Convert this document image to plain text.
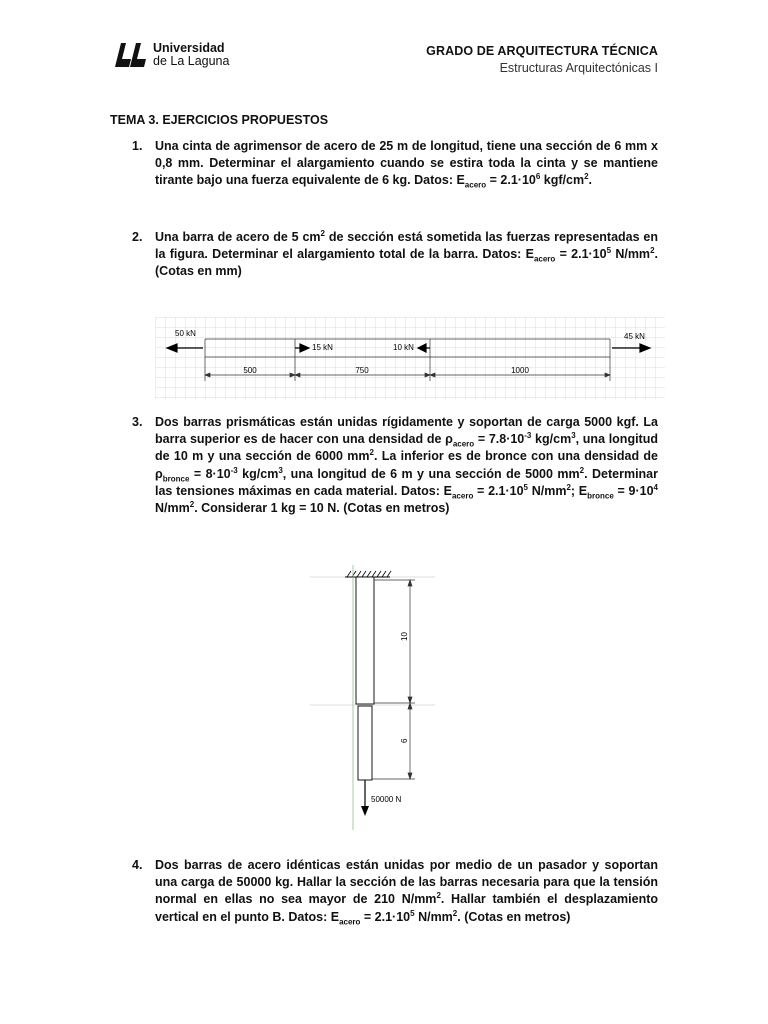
Universidad
de La Laguna
GRADO DE ARQUITECTURA TÉCNICA
Estructuras Arquitectónicas I
TEMA 3. EJERCICIOS PROPUESTOS
1. Una cinta de agrimensor de acero de 25 m de longitud, tiene una sección de 6 mm x 0,8 mm. Determinar el alargamiento cuando se estira toda la cinta y se mantiene tirante bajo una fuerza equivalente de 6 kg. Datos: $E_{acero} = 2.1\cdot 10^6$ kgf/$cm^2$.
2. Una barra de acero de 5 $cm^2$ de sección está sometida las fuerzas representadas en la figura. Determinar el alargamiento total de la barra. Datos: $E_{acero} = 2.1\cdot 10^5$ $N/mm^2$. (Cotas en mm)
50 kN
15 kN	10 kN
45 kN
500	750	1000
3. Dos barras prismáticas están unidas rígidamente y soportan de carga 5000 kgf. La barra superior es de hacer con una densidad de $\rho_{acero} = 7.8\cdot 10^{-3}$ $kg/cm^3$, una longitud de 10 m y una sección de 6000 $mm^2$. La inferior es de bronce con una densidad de $\rho_{bronce} = 8\cdot 10^{-3}$ $kg/cm^3$, una longitud de 6 m y una sección de 5000 $mm^2$. Determinar las tensiones máximas en cada material. Datos: $E_{acero} = 2.1\cdot 10^5$ $N/mm^2$; $E_{bronce} = 9\cdot 10^4$ $N/mm^2$. Considerar 1 kg = 10 N. (Cotas en metros)
10
6
50000 N
4. Dos barras de acero idénticas están unidas por medio de un pasador y soportan una carga de 50000 kg. Hallar la sección de las barras necesaria para que la tensión normal en ellas no sea mayor de 210 $N/mm^2$. Hallar también el desplazamiento vertical en el punto B. Datos: $E_{acero} = 2.1\cdot 10^5$ $N/mm^2$. (Cotas en metros)
